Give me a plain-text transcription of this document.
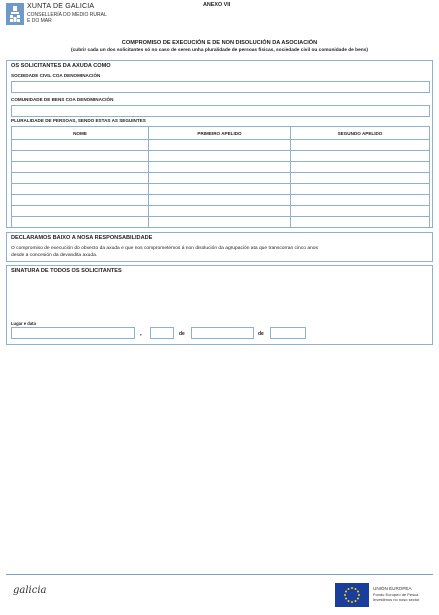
XUNTA DE GALICIA
CONSELLERÍA DO MEDIO RURAL
E DO MAR
ANEXO VII
COMPROMISO DE EXECUCIÓN E DE NON DISOLUCIÓN DA ASOCIACIÓN
(cubrir cada un dos solicitantes só no caso de seren unha pluralidade de persoas físicas, sociedade civil ou comunidade de bens)
OS SOLICITANTES DA AXUDA COMO
SOCIEDADE CIVIL COA DENOMINACIÓN
COMUNIDADE DE BENS COA DENOMINACIÓN
PLURALIDADE DE PERSOAS, SENDO ESTAS AS SEGUINTES
NOME	PRIMEIRO APELIDO	SEGUNDO APELIDO

DECLARAMOS BAIXO A NOSA RESPONSABILIDADE
O compromiso de execución do obxecto da axuda e que nos comprometemos á non disolución da agrupación ata que transcorran cinco anos
desde a concesión da devandita axuda.
SINATURA DE TODOS OS SOLICITANTES
Lugar e data
,	de	de
galicia	UNIÓN EUROPEA
Fondo Europeo de Pesca
Investimos no noso sector
